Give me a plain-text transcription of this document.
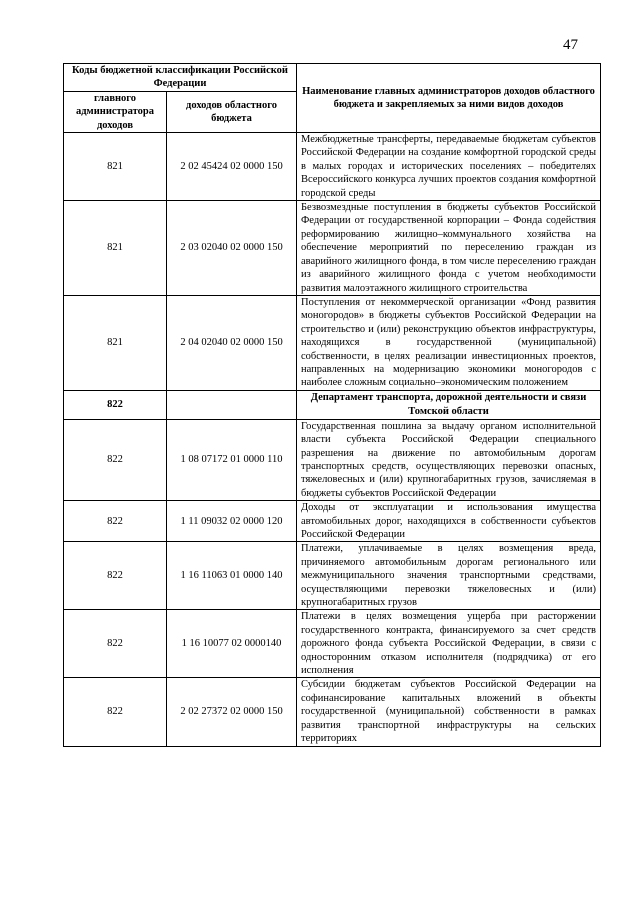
47
Коды бюджетной классификации Российской Федерации		Наименование главных администраторов доходов областного бюджета и закрепляемых за ними видов доходов
главного администратора доходов	доходов областного бюджета	
821	2 02 45424 02 0000 150	Межбюджетные трансферты, передаваемые бюджетам субъектов Российской Федерации на создание комфортной городской среды в малых городах и исторических поселениях – победителях Всероссийского конкурса лучших проектов создания комфортной городской среды
821	2 03 02040 02 0000 150	Безвозмездные поступления в бюджеты субъектов Российской Федерации от государственной корпорации – Фонда содействия реформированию жилищно–коммунального хозяйства на обеспечение мероприятий по переселению граждан из аварийного жилищного фонда, в том числе переселению граждан из аварийного жилищного фонда с учетом необходимости развития малоэтажного жилищного строительства
821	2 04 02040 02 0000 150	Поступления от некоммерческой организации «Фонд развития моногородов» в бюджеты субъектов Российской Федерации на строительство и (или) реконструкцию объектов инфраструктуры, находящихся в государственной (муниципальной) собственности, в целях реализации инвестиционных проектов, направленных на модернизацию экономики моногородов с наиболее сложным социально–экономическим положением
822		Департамент транспорта, дорожной деятельности и связи Томской области
822	1 08 07172 01 0000 110	Государственная пошлина за выдачу органом исполнительной власти субъекта Российской Федерации специального разрешения на движение по автомобильным дорогам транспортных средств, осуществляющих перевозки опасных, тяжеловесных и (или) крупногабаритных грузов, зачисляемая в бюджеты субъектов Российской Федерации
822	1 11 09032 02 0000 120	Доходы от эксплуатации и использования имущества автомобильных дорог, находящихся в собственности субъектов Российской Федерации
822	1 16 11063 01 0000 140	Платежи, уплачиваемые в целях возмещения вреда, причиняемого автомобильным дорогам регионального или межмуниципального значения транспортными средствами, осуществляющими перевозки тяжеловесных и (или) крупногабаритных грузов
822	1 16 10077 02 0000140	Платежи в целях возмещения ущерба при расторжении государственного контракта, финансируемого за счет средств дорожного фонда субъекта Российской Федерации, в связи с односторонним отказом исполнителя (подрядчика) от его исполнения
822	2 02 27372 02 0000 150	Субсидии бюджетам субъектов Российской Федерации на софинансирование капитальных вложений в объекты государственной (муниципальной) собственности в рамках развития транспортной инфраструктуры на сельских территориях
